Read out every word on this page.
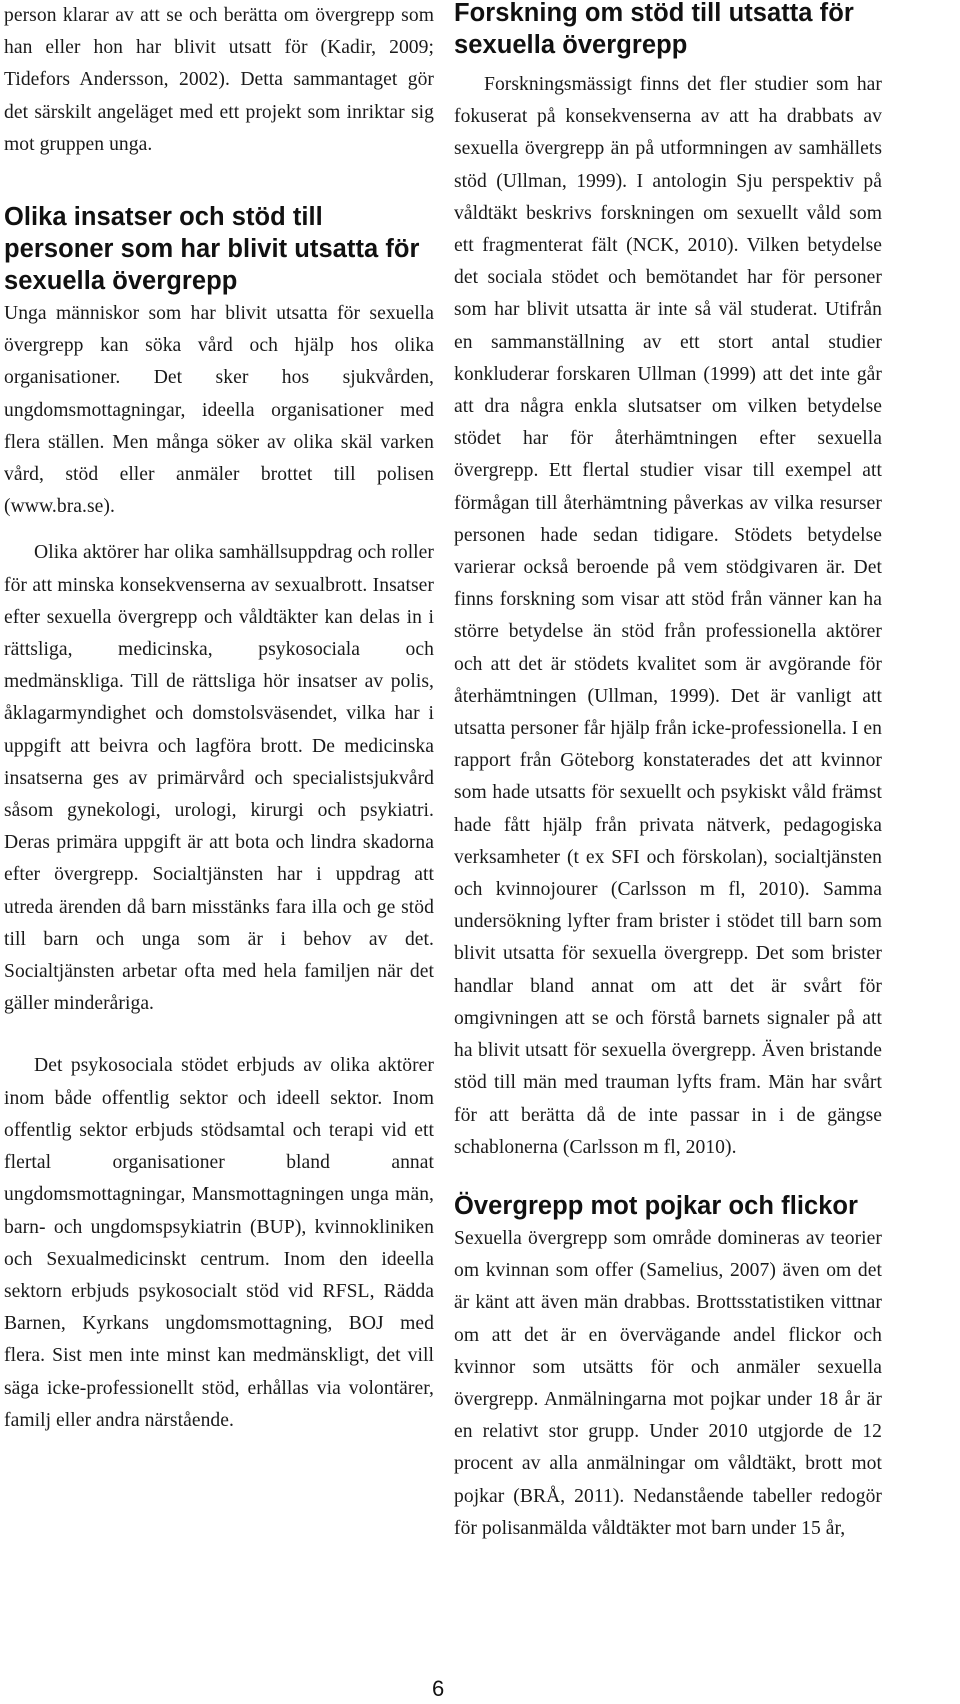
person klarar av att se och berätta om övergrepp som han eller hon har blivit utsatt för (Kadir, 2009; Tidefors Andersson, 2002). Detta sammantaget gör det särskilt angeläget med ett projekt som inriktar sig mot gruppen unga.

Olika insatser och stöd till personer som har blivit utsatta för sexuella övergrepp

Unga människor som har blivit utsatta för sexuella övergrepp kan söka vård och hjälp hos olika organisationer. Det sker hos sjukvården, ungdomsmottagningar, ideella organisationer med flera ställen. Men många söker av olika skäl varken vård, stöd eller anmäler brottet till polisen (www.bra.se).

Olika aktörer har olika samhällsuppdrag och roller för att minska konsekvenserna av sexualbrott. Insatser efter sexuella övergrepp och våldtäkter kan delas in i rättsliga, medicinska, psykosociala och medmänskliga. Till de rättsliga hör insatser av polis, åklagarmyndighet och domstolsväsendet, vilka har i uppgift att beivra och lagföra brott. De medicinska insatserna ges av primärvård och specialistsjukvård såsom gynekologi, urologi, kirurgi och psykiatri. Deras primära uppgift är att bota och lindra skadorna efter övergrepp. Socialtjänsten har i uppdrag att utreda ärenden då barn misstänks fara illa och ge stöd till barn och unga som är i behov av det. Socialtjänsten arbetar ofta med hela familjen när det gäller minderåriga.

Det psykosociala stödet erbjuds av olika aktörer inom både offentlig sektor och ideell sektor. Inom offentlig sektor erbjuds stödsamtal och terapi vid ett flertal organisationer bland annat ungdomsmottagningar, Mansmottagningen unga män, barn- och ungdomspsykiatrin (BUP), kvinnokliniken och Sexualmedicinskt centrum. Inom den ideella sektorn erbjuds psykosocialt stöd vid RFSL, Rädda Barnen, Kyrkans ungdomsmottagning, BOJ med flera. Sist men inte minst kan medmänskligt, det vill säga icke-professionellt stöd, erhållas via volontärer, familj eller andra närstående.

Forskning om stöd till utsatta för sexuella övergrepp

Forskningsmässigt finns det fler studier som har fokuserat på konsekvenserna av att ha drabbats av sexuella övergrepp än på utformningen av samhällets stöd (Ullman, 1999). I antologin Sju perspektiv på våldtäkt beskrivs forskningen om sexuellt våld som ett fragmenterat fält (NCK, 2010). Vilken betydelse det sociala stödet och bemötandet har för personer som har blivit utsatta är inte så väl studerat. Utifrån en sammanställning av ett stort antal studier konkluderar forskaren Ullman (1999) att det inte går att dra några enkla slutsatser om vilken betydelse stödet har för återhämtningen efter sexuella övergrepp. Ett flertal studier visar till exempel att förmågan till återhämtning påverkas av vilka resurser personen hade sedan tidigare. Stödets betydelse varierar också beroende på vem stödgivaren är. Det finns forskning som visar att stöd från vänner kan ha större betydelse än stöd från professionella aktörer och att det är stödets kvalitet som är avgörande för återhämtningen (Ullman, 1999). Det är vanligt att utsatta personer får hjälp från icke-professionella. I en rapport från Göteborg konstaterades det att kvinnor som hade utsatts för sexuellt och psykiskt våld främst hade fått hjälp från privata nätverk, pedagogiska verksamheter (t ex SFI och förskolan), socialtjänsten och kvinnojourer (Carlsson m fl, 2010). Samma undersökning lyfter fram brister i stödet till barn som blivit utsatta för sexuella övergrepp. Det som brister handlar bland annat om att det är svårt för omgivningen att se och förstå barnets signaler på att ha blivit utsatt för sexuella övergrepp. Även bristande stöd till män med trauman lyfts fram. Män har svårt för att berätta då de inte passar in i de gängse schablonerna (Carlsson m fl, 2010).

Övergrepp mot pojkar och flickor

Sexuella övergrepp som område domineras av teorier om kvinnan som offer (Samelius, 2007) även om det är känt att även män drabbas. Brottsstatistiken vittnar om att det är en övervägande andel flickor och kvinnor som utsätts för och anmäler sexuella övergrepp. Anmälningarna mot pojkar under 18 år är en relativt stor grupp. Under 2010 utgjorde de 12 procent av alla anmälningar om våldtäkt, brott mot pojkar (BRÅ, 2011). Nedanstående tabeller redogör för polisanmälda våldtäkter mot barn under 15 år,

6
